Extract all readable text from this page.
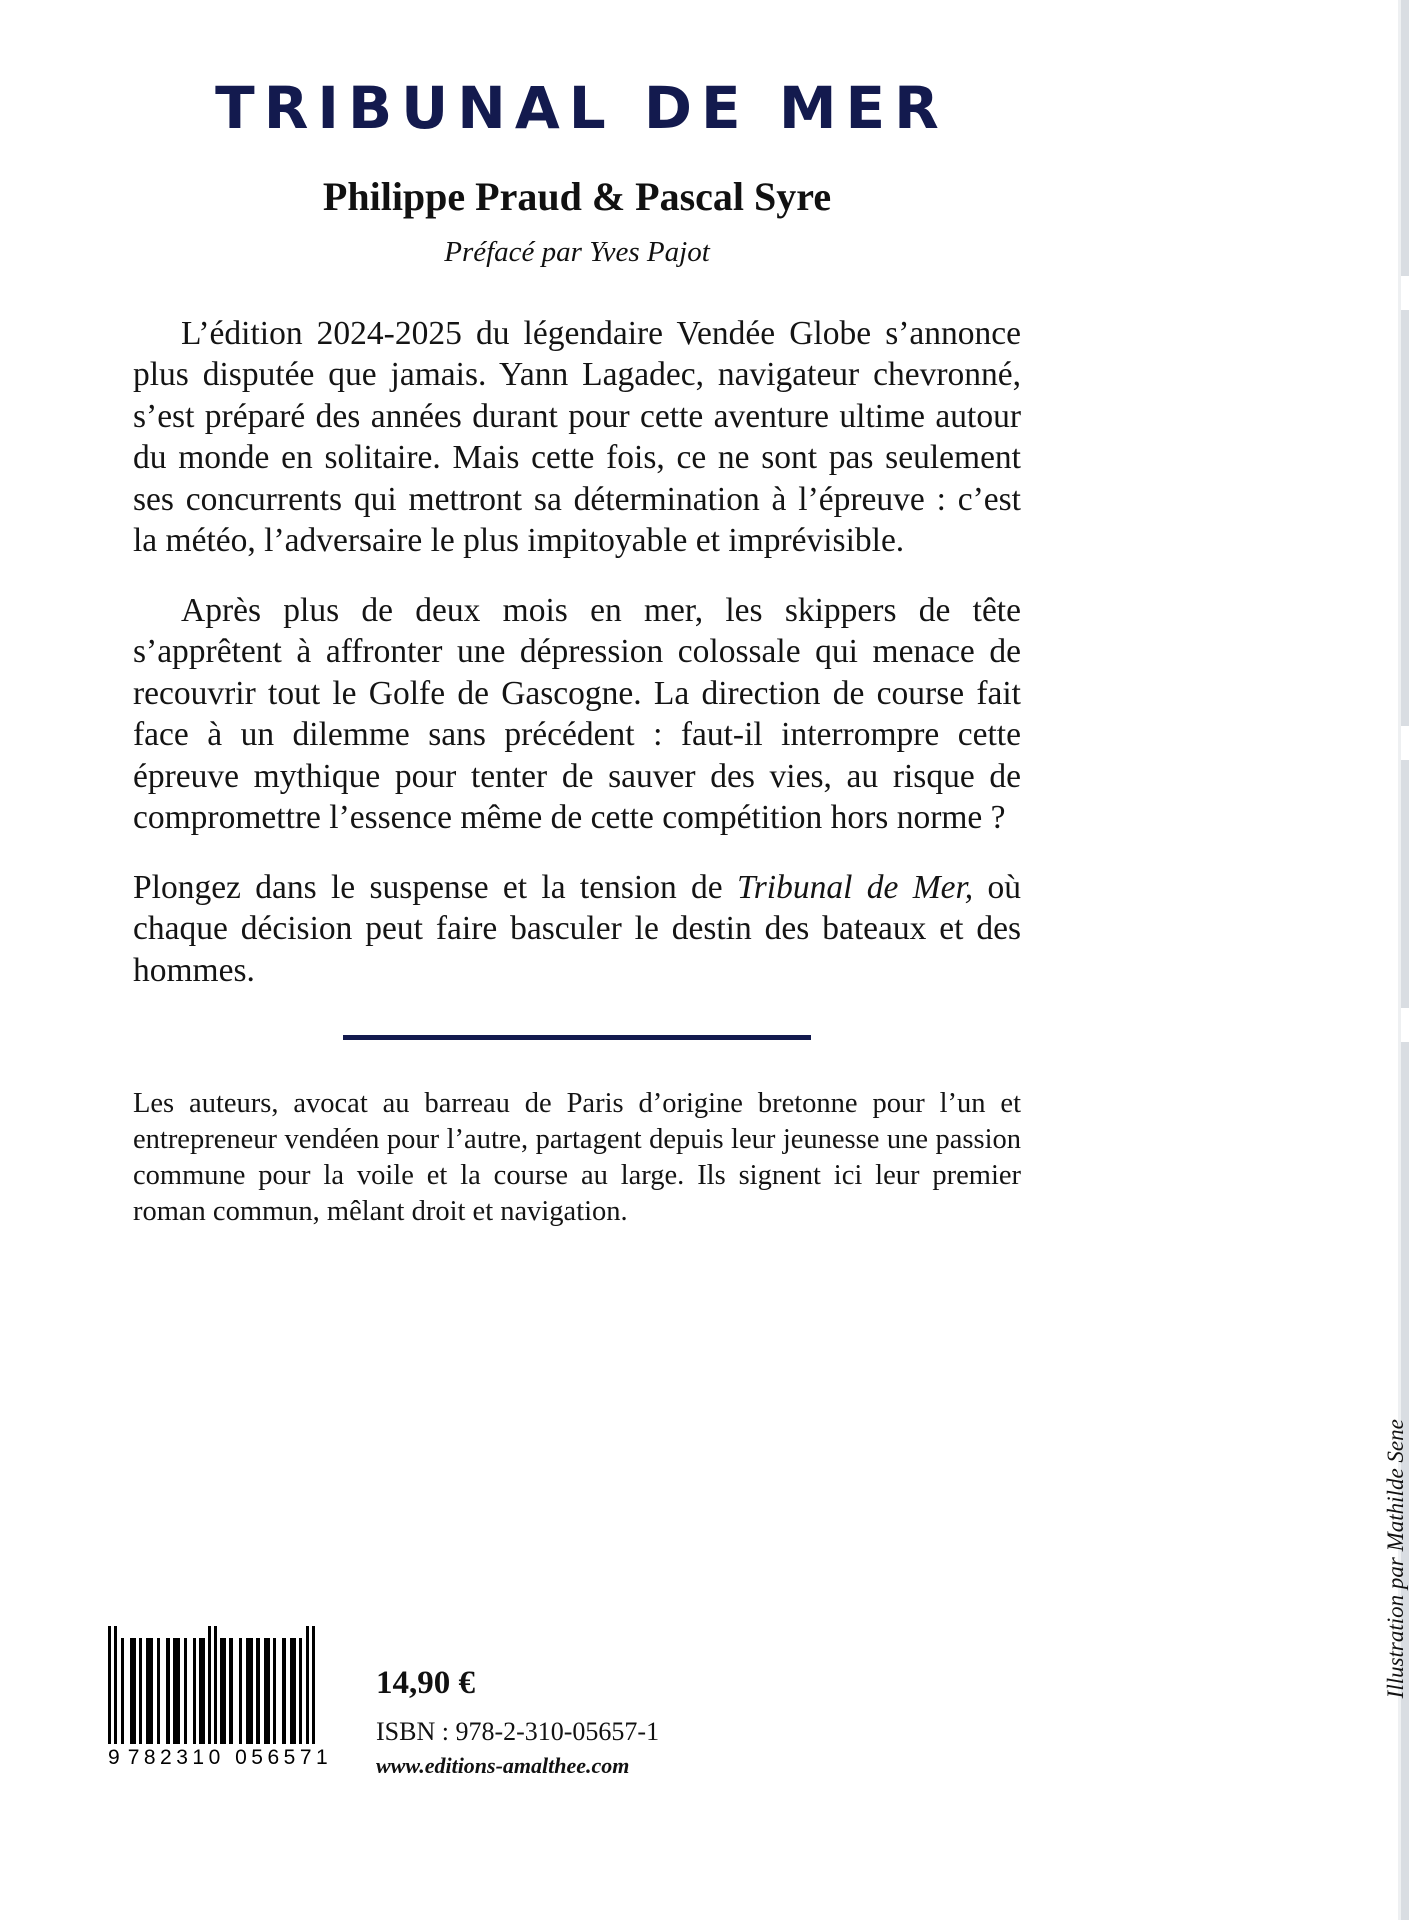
TRIBUNAL DE MER

Philippe Praud & Pascal Syre

Préfacé par Yves Pajot

L’édition 2024-2025 du légendaire Vendée Globe s’annonce plus disputée que jamais. Yann Lagadec, navigateur chevronné, s’est préparé des années durant pour cette aventure ultime autour du monde en solitaire. Mais cette fois, ce ne sont pas seulement ses concurrents qui mettront sa détermination à l’épreuve : c’est la météo, l’adversaire le plus impitoyable et imprévisible.

Après plus de deux mois en mer, les skippers de tête s’apprêtent à affronter une dépression colossale qui menace de recouvrir tout le Golfe de Gascogne. La direction de course fait face à un dilemme sans précédent : faut-il interrompre cette épreuve mythique pour tenter de sauver des vies, au risque de compromettre l’essence même de cette compétition hors norme ?

Plongez dans le suspense et la tension de Tribunal de Mer, où chaque décision peut faire basculer le destin des bateaux et des hommes.

Les auteurs, avocat au barreau de Paris d’origine bretonne pour l’un et entrepreneur vendéen pour l’autre, partagent depuis leur jeunesse une passion commune pour la voile et la course au large. Ils signent ici leur premier roman commun, mêlant droit et navigation.

9 782310 056571

14,90 €

ISBN : 978-2-310-05657-1

www.editions-amalthee.com

Illustration par Mathilde Sene
